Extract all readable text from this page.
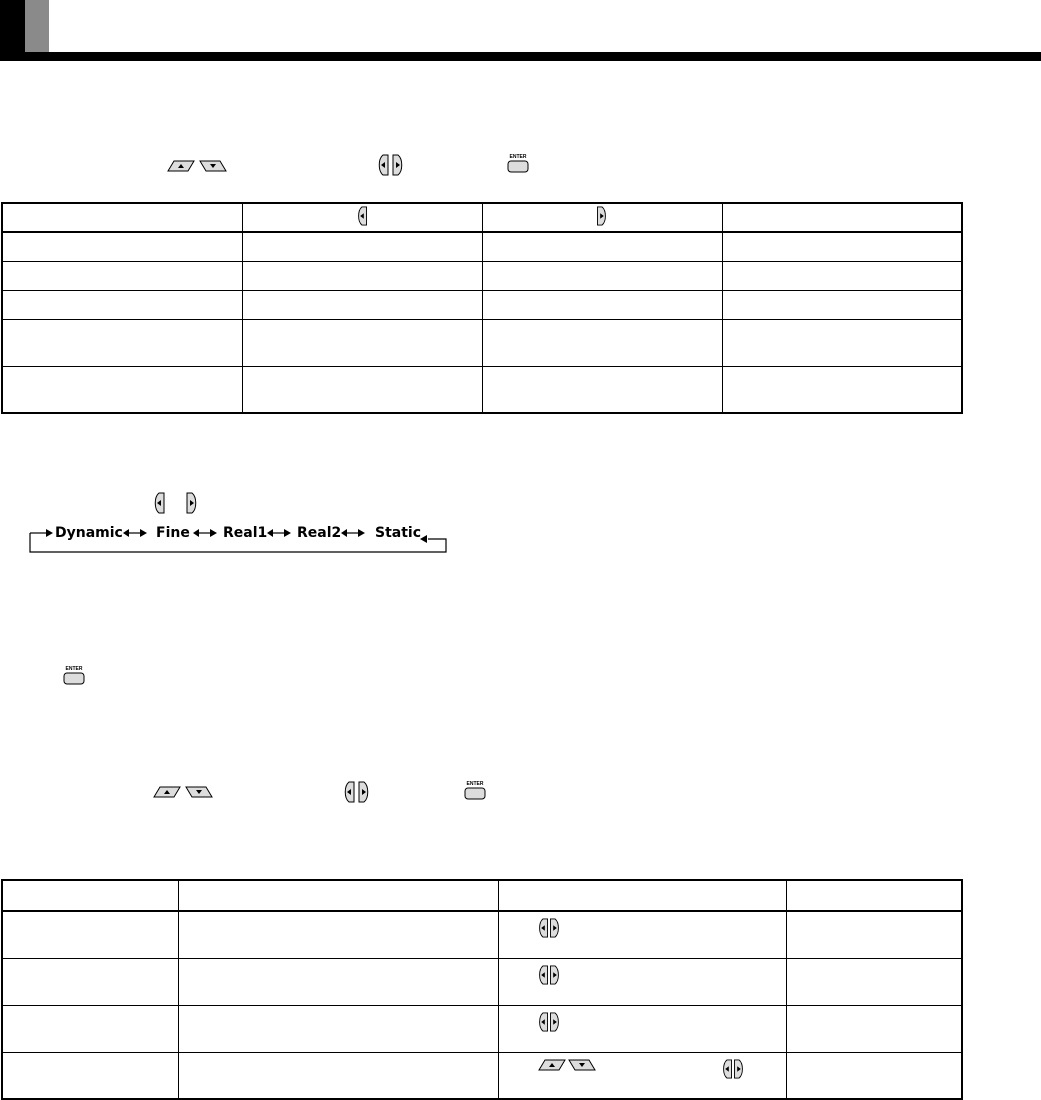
ENTER

Dynamic Fine Real1 Real2 Static
ENTER
ENTER
